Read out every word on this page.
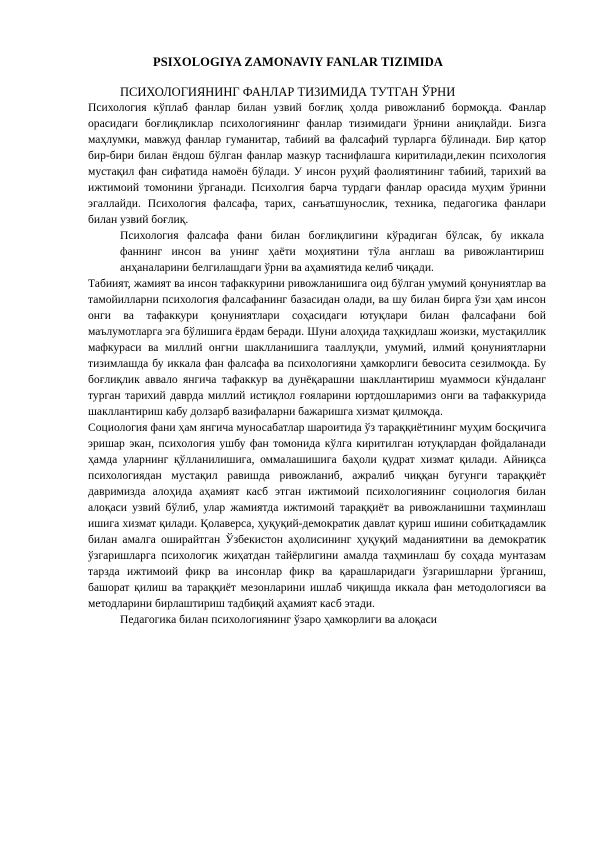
PSIXOLOGIYA ZAMONAVIY FANLAR TIZIMIDA
ПСИХОЛОГИЯНИНГ ФАНЛАР ТИЗИМИДА ТУТГАН ЎРНИ

Психология кўплаб фанлар билан узвий боғлиқ ҳолда ривожланиб бормоқда. Фанлар орасидаги боғлиқликлар психологиянинг фанлар тизимидаги ўрнини аниқлайди. Бизга маҳлумки, мавжуд фанлар гуманитар, табиий ва фалсафий турларга бўлинади. Бир қатор бир-бири билан ёндош бўлган фанлар мазкур таснифлашга киритилади,лекин психология мустақил фан сифатида намоён бўлади. У инсон руҳий фаолиятининг табиий, тарихий ва ижтимоий томонини ўрганади. Психолгия барча турдаги фанлар орасида муҳим ўринни эгаллайди. Психология фалсафа, тарих, санъатшунослик, техника, педагогика фанлари билан узвий боғлиқ.

Психология фалсафа фани билан боғлиқлигини кўрадиган бўлсак, бу иккала фаннинг инсон ва унинг ҳаёти моҳиятини тўла англаш ва ривожлантириш анҳаналарини белгилашдаги ўрни ва аҳамиятида келиб чиқади.

Табиият, жамият ва инсон тафаккурини ривожланишига оид бўлган умумий қонуниятлар ва тамойилларни психология фалсафанинг базасидан олади, ва шу билан бирга ўзи ҳам инсон онги ва тафаккури қонуниятлари соҳасидаги ютуқлари билан фалсафани бой маълумотларга эга бўлишига ёрдам беради. Шуни алоҳида таҳкидлаш жоизки, мустақиллик мафкураси ва миллий онгни шаклланишига тааллуқли, умумий, илмий қонуниятларни тизимлашда бу иккала фан фалсафа ва психологияни ҳамкорлиги бевосита сезилмоқда. Бу боғлиқлик аввало янгича тафаккур ва дунёқарашни шакллантириш муаммоси кўндаланг турган тарихий даврда миллий истиқлол ғояларини юртдошларимиз онги ва тафаккурида шакллантириш кабу долзарб вазифаларни бажаришга хизмат қилмоқда.

Социология фани ҳам янгича муносабатлар шароитида ўз тараққиётининг муҳим босқичига эришар экан, психология ушбу фан томонида кўлга киритилган ютуқлардан фойдаланади ҳамда уларнинг қўлланилишига, оммалашишига баҳоли қудрат хизмат қилади. Айниқса психологиядан мустақил равишда ривожланиб, ажралиб чиққан бугунги тараққиёт давримизда алоҳида аҳамият касб этган ижтимоий психологиянинг социология билан алоқаси узвий бўлиб, улар жамиятда ижтимоий тараққиёт ва ривожланишни таҳминлаш ишига хизмат қилади. Қолаверса, ҳуқуқий-демократик давлат қуриш ишини собитқадамлик билан амалга оширайтган Ўзбекистон аҳолисининг ҳуқуқий маданиятини ва демократик ўзгаришларга психологик жиҳатдан тайёрлигини амалда таҳминлаш бу соҳада мунтазам тарзда ижтимоий фикр ва инсонлар фикр ва қарашларидаги ўзгаришларни ўрганиш, башорат қилиш ва тараққиёт мезонларини ишлаб чиқишда иккала фан методологияси ва методларини бирлаштириш тадбиқий аҳамият касб этади.

Педагогика билан психологиянинг ўзаро ҳамкорлиги ва алоқаси
